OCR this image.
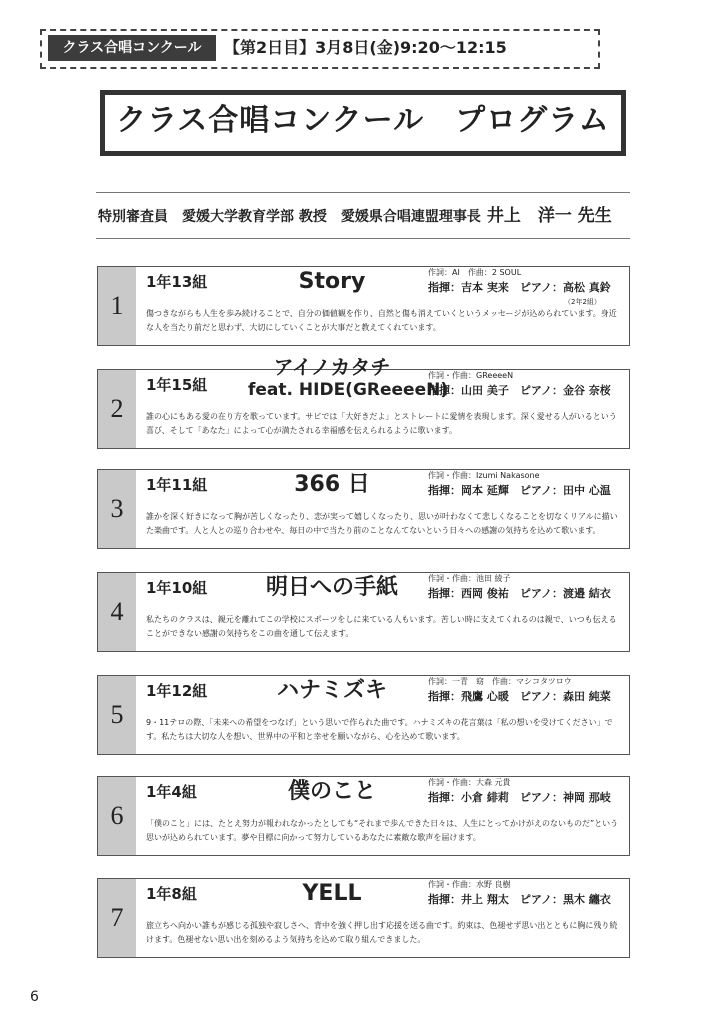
クラス合唱コンクール	【第2日目】3月8日(金)9:20〜12:15
クラス合唱コンクール　プログラム
特別審査員　愛媛大学教育学部 教授　愛媛県合唱連盟理事長 井上　洋一 先生
1
1年13組	Story	作詞：AI　作曲：2 SOUL
指揮：吉本 実来　ピアノ：高松 真鈴
（2年2組）
傷つきながらも人生を歩み続けることで、自分の価値観を作り、自然と傷も消えていくというメッセージが込められています。身近な人を当たり前だと思わず、大切にしていくことが大事だと教えてくれています。
2
1年15組
アイノカタチ
feat. HIDE(GReeeeN)
作詞・作曲：GReeeeN
指揮：山田 美子　ピアノ：金谷 奈桜
誰の心にもある愛の在り方を歌っています。サビでは「大好きだよ」とストレートに愛情を表現します。深く愛せる人がいるという喜び、そして「あなた」によって心が満たされる幸福感を伝えられるように歌います。
3
1年11組	366 日	作詞・作曲：Izumi Nakasone
指揮：岡本 延輝　ピアノ：田中 心温
誰かを深く好きになって胸が苦しくなったり、恋が実って嬉しくなったり、思いが叶わなくて悲しくなることを切なくリアルに描いた楽曲です。人と人との巡り合わせや、毎日の中で当たり前のことなんてないという日々への感謝の気持ちを込めて歌います。
4
1年10組	明日への手紙	作詞・作曲：池田 綾子
指揮：西岡 俊祐　ピアノ：渡邉 結衣
私たちのクラスは、親元を離れてこの学校にスポーツをしに来ている人もいます。苦しい時に支えてくれるのは親で、いつも伝えることができない感謝の気持ちをこの曲を通して伝えます。
5
1年12組	ハナミズキ	作詞：一青　窈　作曲：マシコタツロウ
指揮：飛鷹 心暖　ピアノ：森田 純菜
9・11テロの際、「未来への希望をつなげ」という思いで作られた曲です。ハナミズキの花言葉は「私の想いを受けてください」です。私たちは大切な人を想い、世界中の平和と幸せを願いながら、心を込めて歌います。
6
1年4組	僕のこと	作詞・作曲：大森 元貴
指揮：小倉 緋莉　ピアノ：神岡 那岐
「僕のこと」には、たとえ努力が報われなかったとしても“それまで歩んできた日々は、人生にとってかけがえのないものだ”という思いが込められています。夢や目標に向かって努力しているあなたに素敵な歌声を届けます。
7
1年8組	YELL	作詞・作曲：水野 良樹
指揮：井上 翔太　ピアノ：黒木 纏衣
旅立ちへ向かい誰もが感じる孤独や寂しさへ、背中を強く押し出す応援を送る曲です。約束は、色褪せず思い出とともに胸に残り続けます。色褪せない思い出を刻めるよう気持ちを込めて取り組んできました。
6
